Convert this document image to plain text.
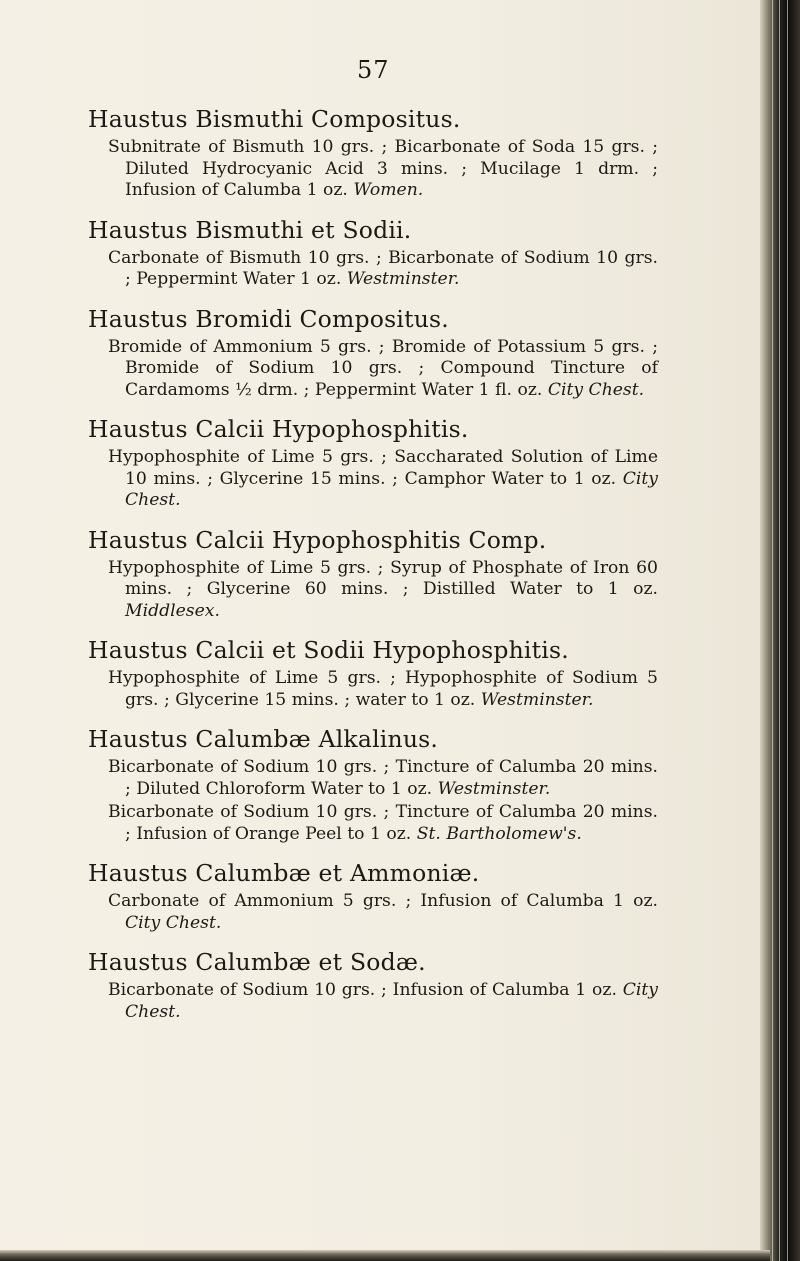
57
Haustus Bismuthi Compositus.

Subnitrate of Bismuth 10 grs. ; Bicarbonate of Soda 15 grs. ; Diluted Hydrocyanic Acid 3 mins. ; Mucilage 1 drm. ; Infusion of Calumba 1 oz. Women.

Haustus Bismuthi et Sodii.

Carbonate of Bismuth 10 grs. ; Bicarbonate of Sodium 10 grs. ; Peppermint Water 1 oz. Westminster.

Haustus Bromidi Compositus.

Bromide of Ammonium 5 grs. ; Bromide of Potassium 5 grs. ; Bromide of Sodium 10 grs. ; Compound Tincture of Cardamoms ½ drm. ; Peppermint Water 1 fl. oz. City Chest.

Haustus Calcii Hypophosphitis.

Hypophosphite of Lime 5 grs. ; Saccharated Solution of Lime 10 mins. ; Glycerine 15 mins. ; Camphor Water to 1 oz. City Chest.

Haustus Calcii Hypophosphitis Comp.

Hypophosphite of Lime 5 grs. ; Syrup of Phosphate of Iron 60 mins. ; Glycerine 60 mins. ; Distilled Water to 1 oz. Middlesex.

Haustus Calcii et Sodii Hypophosphitis.

Hypophosphite of Lime 5 grs. ; Hypophosphite of Sodium 5 grs. ; Glycerine 15 mins. ; water to 1 oz. Westminster.

Haustus Calumbæ Alkalinus.

Bicarbonate of Sodium 10 grs. ; Tincture of Calumba 20 mins. ; Diluted Chloroform Water to 1 oz. Westminster.

Bicarbonate of Sodium 10 grs. ; Tincture of Calumba 20 mins. ; Infusion of Orange Peel to 1 oz. St. Bartholomew's.

Haustus Calumbæ et Ammoniæ.

Carbonate of Ammonium 5 grs. ; Infusion of Calumba 1 oz. City Chest.

Haustus Calumbæ et Sodæ.

Bicarbonate of Sodium 10 grs. ; Infusion of Calumba 1 oz. City Chest.
